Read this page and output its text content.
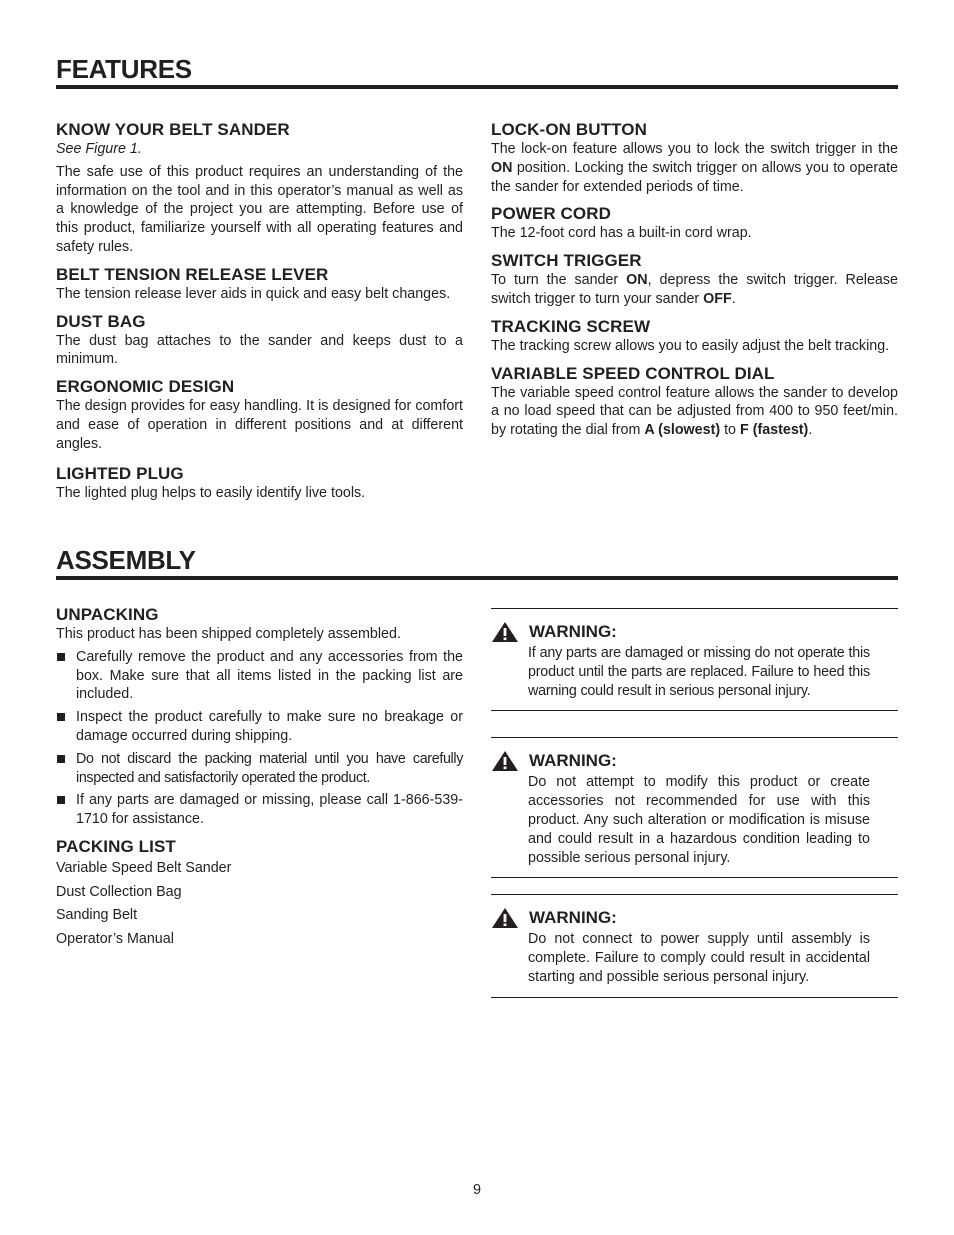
FEATURES
KNOW YOUR BELT SANDER

See Figure 1.

The safe use of this product requires an understanding of the information on the tool and in this operator’s manual as well as a knowledge of the project you are attempting. Before use of this product, familiarize yourself with all operating features and safety rules.

BELT TENSION RELEASE LEVER

The tension release lever aids in quick and easy belt changes.

DUST BAG

The dust bag attaches to the sander and keeps dust to a minimum.

ERGONOMIC DESIGN

The design provides for easy handling. It is designed for comfort and ease of operation in different positions and at different angles.

LIGHTED PLUG

The lighted plug helps to easily identify live tools.

LOCK-ON BUTTON

The lock-on feature allows you to lock the switch trigger in the ON position. Locking the switch trigger on allows you to operate the sander for extended periods of time.

POWER CORD

The 12-foot cord has a built-in cord wrap.

SWITCH TRIGGER

To turn the sander ON, depress the switch trigger. Release switch trigger to turn your sander OFF.

TRACKING SCREW

The tracking screw allows you to easily adjust the belt tracking.

VARIABLE SPEED CONTROL DIAL

The variable speed control feature allows the sander to develop a no load speed that can be adjusted from 400 to 950 feet/min. by rotating the dial from A (slowest) to F (fastest).

ASSEMBLY
UNPACKING

This product has been shipped completely assembled.

Carefully remove the product and any accessories from the box. Make sure that all items listed in the packing list are included.
Inspect the product carefully to make sure no breakage or damage occurred during shipping.
Do not discard the packing material until you have carefully inspected and satisfactorily operated the product.
If any parts are damaged or missing, please call 1-866-539-1710 for assistance.
PACKING LIST

Variable Speed Belt Sander

Dust Collection Bag

Sanding Belt

Operator’s Manual

WARNING:

If any parts are damaged or missing do not operate this product until the parts are replaced. Failure to heed this warning could result in serious personal injury.

WARNING:

Do not attempt to modify this product or create accessories not recommended for use with this product. Any such alteration or modification is misuse and could result in a hazardous condition leading to possible serious personal injury.

WARNING:

Do not connect to power supply until assembly is complete. Failure to comply could result in accidental starting and possible serious personal injury.

9
